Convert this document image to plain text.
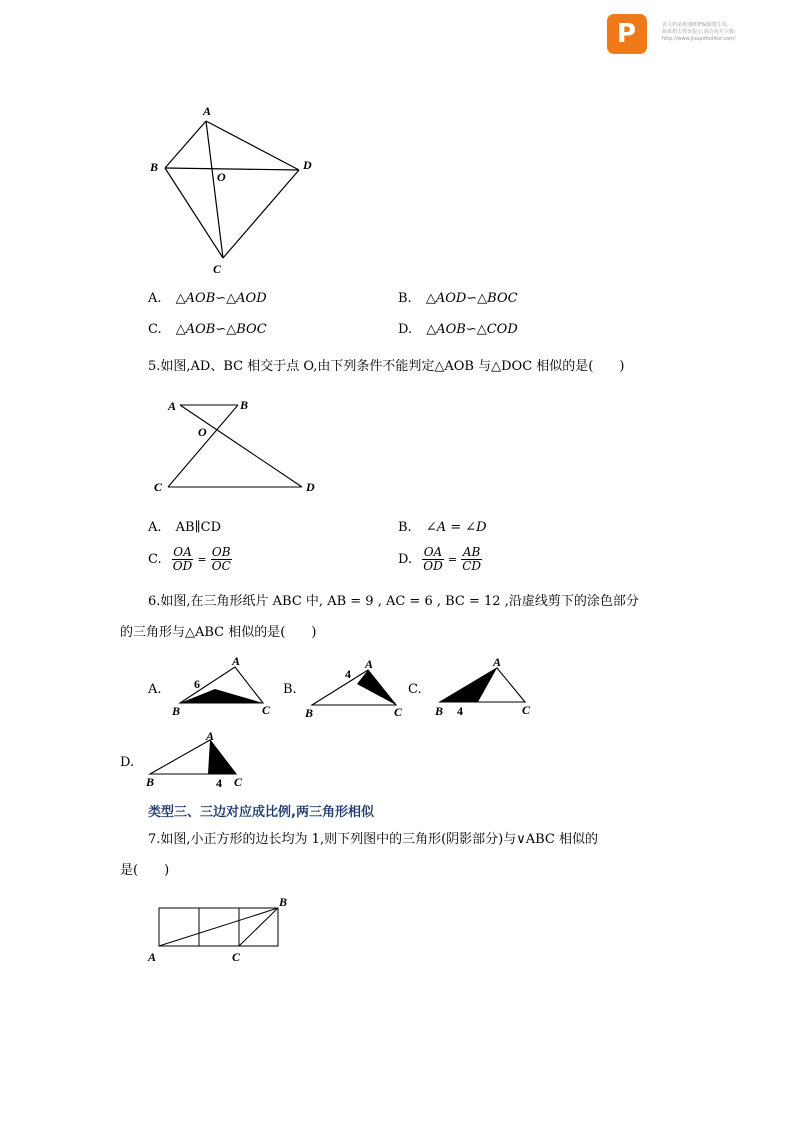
P	该文档是极速PDF编辑器生成,
如果想去掉该提示,请访问并下载:
http://www.jisupdfeditor.com/
A
B	D
O
C
A. △AOB∽△AOD	B. △AOD∽△BOC
C. △AOB∽△BOC	D. △AOB∽△COD
5.如图,AD、BC 相交于点 O,由下列条件不能判定△AOB 与△DOC 相似的是(　　)
A	B
O
C	D
A. AB∥CD	B. ∠A = ∠D
C. $\frac{OA}{OD} = \frac{OB}{OC}$	D. $\frac{OA}{OD} = \frac{AB}{CD}$
6.如图,在三角形纸片 ABC 中, AB = 9 , AC = 6 , BC = 12 ,沿虚线剪下的涂色部分
的三角形与△ABC 相似的是(　　)
A.
A
B	C
6	B.
A
B	C
4
C.
A
B	C
4
D.
A
B	C
4
类型三、三边对应成比例,两三角形相似
7.如图,小正方形的边长均为 1,则下列图中的三角形(阴影部分)与∨ABC 相似的
是(　　)
A
B
C
